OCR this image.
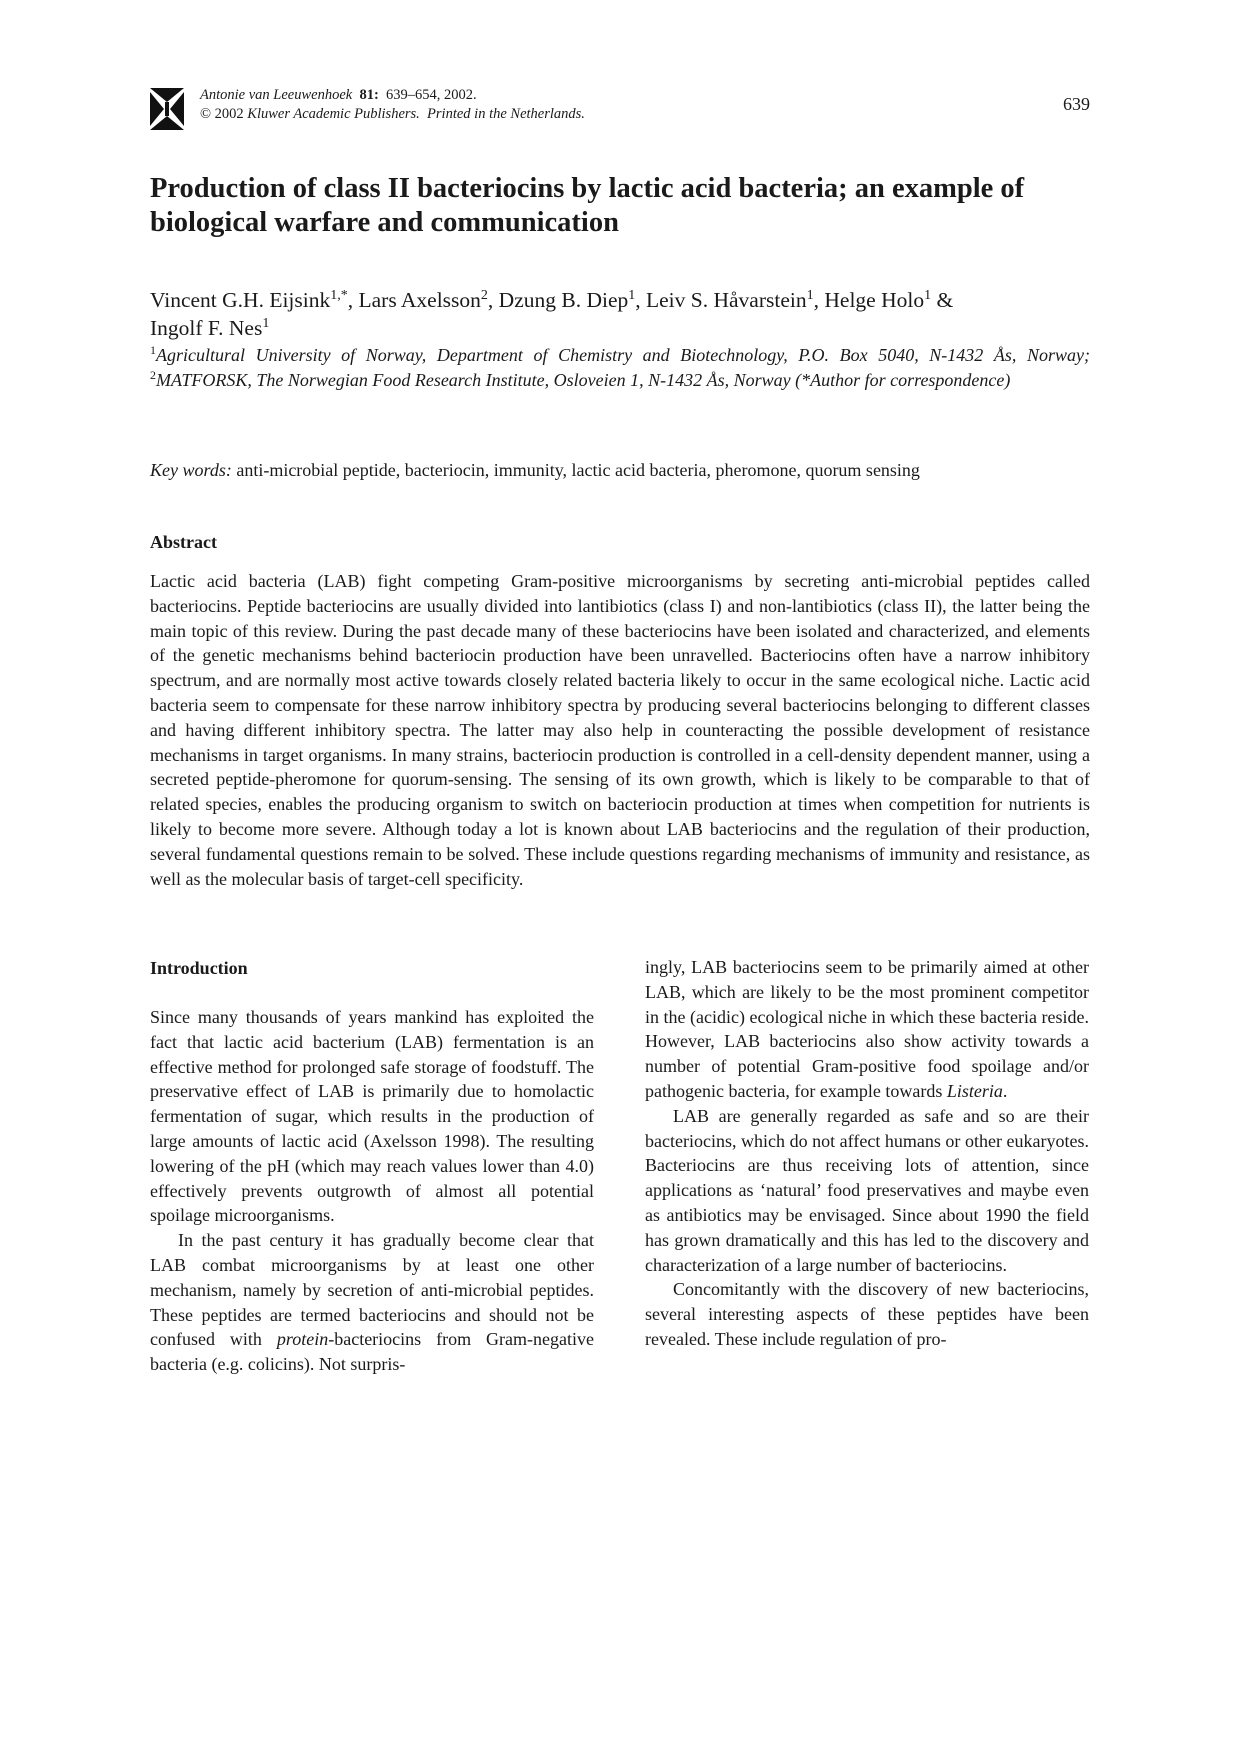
Antonie van Leeuwenhoek 81: 639–654, 2002.
© 2002 Kluwer Academic Publishers. Printed in the Netherlands.	639
Production of class II bacteriocins by lactic acid bacteria; an example of biological warfare and communication
Vincent G.H. Eijsink$^{1,*}$, Lars Axelsson$^2$, Dzung B. Diep$^1$, Leiv S. Håvarstein$^1$, Helge Holo$^1$ &
Ingolf F. Nes$^1$
$^1$Agricultural University of Norway, Department of Chemistry and Biotechnology, P.O. Box 5040, N-1432 Ås, Norway; $^2$MATFORSK, The Norwegian Food Research Institute, Osloveien 1, N-1432 Ås, Norway (*Author for correspondence)
Key words: anti-microbial peptide, bacteriocin, immunity, lactic acid bacteria, pheromone, quorum sensing
Abstract

Lactic acid bacteria (LAB) fight competing Gram-positive microorganisms by secreting anti-microbial peptides called bacteriocins. Peptide bacteriocins are usually divided into lantibiotics (class I) and non-lantibiotics (class II), the latter being the main topic of this review. During the past decade many of these bacteriocins have been isolated and characterized, and elements of the genetic mechanisms behind bacteriocin production have been unravelled. Bacteriocins often have a narrow inhibitory spectrum, and are normally most active towards closely related bacteria likely to occur in the same ecological niche. Lactic acid bacteria seem to compensate for these narrow inhibitory spectra by producing several bacteriocins belonging to different classes and having different inhibitory spectra. The latter may also help in counteracting the possible development of resistance mechanisms in target organisms. In many strains, bacteriocin production is controlled in a cell-density dependent manner, using a secreted peptide-pheromone for quorum-sensing. The sensing of its own growth, which is likely to be comparable to that of related species, enables the producing organism to switch on bacteriocin production at times when competition for nutrients is likely to become more severe. Although today a lot is known about LAB bacteriocins and the regulation of their production, several fundamental questions remain to be solved. These include questions regarding mechanisms of immunity and resistance, as well as the molecular basis of target-cell specificity.

Introduction

Since many thousands of years mankind has exploited the fact that lactic acid bacterium (LAB) fermentation is an effective method for prolonged safe storage of foodstuff. The preservative effect of LAB is primarily due to homolactic fermentation of sugar, which results in the production of large amounts of lactic acid (Axelsson 1998). The resulting lowering of the pH (which may reach values lower than 4.0) effectively prevents outgrowth of almost all potential spoilage microorganisms.

In the past century it has gradually become clear that LAB combat microorganisms by at least one other mechanism, namely by secretion of anti-microbial peptides. These peptides are termed bacteriocins and should not be confused with protein-bacteriocins from Gram-negative bacteria (e.g. colicins). Not surpris-

ingly, LAB bacteriocins seem to be primarily aimed at other LAB, which are likely to be the most prominent competitor in the (acidic) ecological niche in which these bacteria reside. However, LAB bacteriocins also show activity towards a number of potential Gram-positive food spoilage and/or pathogenic bacteria, for example towards Listeria.

LAB are generally regarded as safe and so are their bacteriocins, which do not affect humans or other eukaryotes. Bacteriocins are thus receiving lots of attention, since applications as ‘natural’ food preservatives and maybe even as antibiotics may be envisaged. Since about 1990 the field has grown dramatically and this has led to the discovery and characterization of a large number of bacteriocins.

Concomitantly with the discovery of new bacteriocins, several interesting aspects of these peptides have been revealed. These include regulation of pro-
